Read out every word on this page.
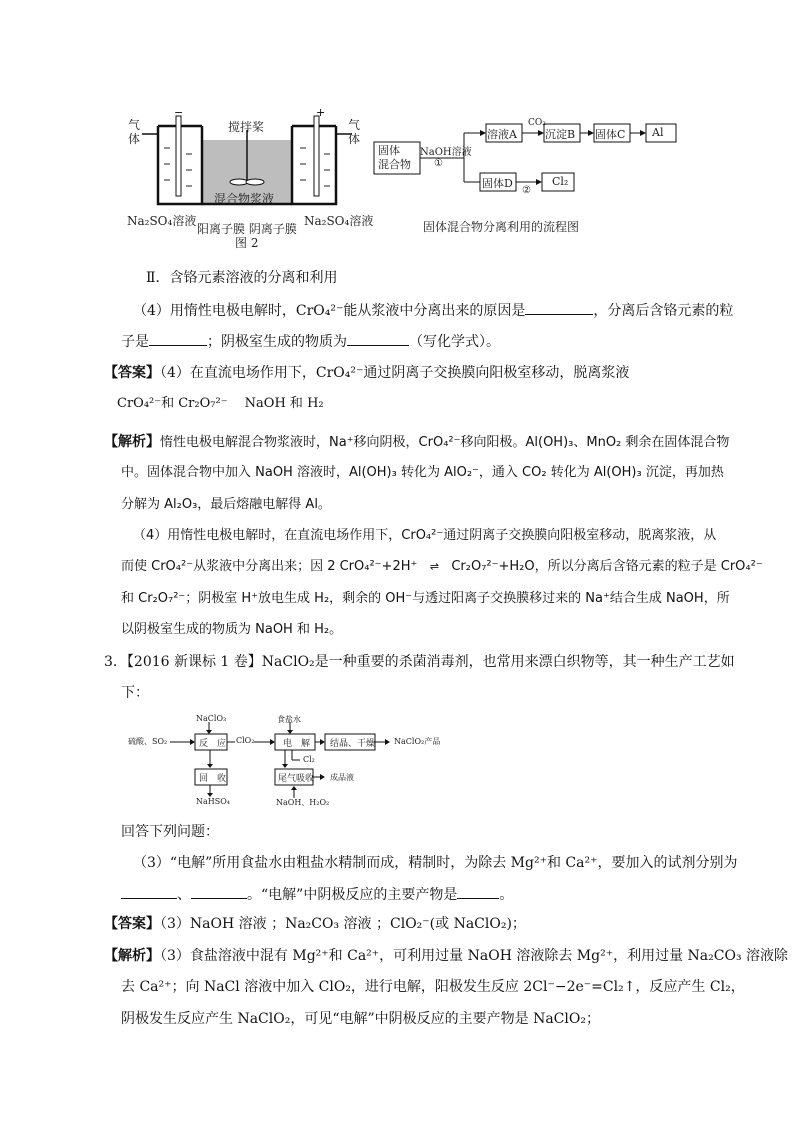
−	+
气
体
气
体
搅拌桨
混合物浆液
Na₂SO₄溶液	Na₂SO₄溶液
阳离子膜 阴离子膜
图 2
固体
混合物
NaOH溶液
①
溶液A
CO₂
沉淀B 固体C Al
固体D
②
Cl₂
固体混合物分离利用的流程图
Ⅱ．含铬元素溶液的分离和利用
（4）用惰性电极电解时，CrO₄²⁻能从浆液中分离出来的原因是	，分离后含铬元素的粒
子是	；阴极室生成的物质为	（写化学式）。
【答案】（4）在直流电场作用下，CrO₄²⁻通过阴离子交换膜向阳极室移动，脱离浆液
CrO₄²⁻和 Cr₂O₇²⁻　 NaOH 和 H₂
【解析】惰性电极电解混合物浆液时，Na⁺移向阴极，CrO₄²⁻移向阳极。Al(OH)₃、MnO₂ 剩余在固体混合物
中。固体混合物中加入 NaOH 溶液时，Al(OH)₃ 转化为 AlO₂⁻，通入 CO₂ 转化为 Al(OH)₃ 沉淀，再加热
分解为 Al₂O₃，最后熔融电解得 Al。
（4）用惰性电极电解时，在直流电场作用下，CrO₄²⁻通过阴离子交换膜向阳极室移动，脱离浆液，从
而使 CrO₄²⁻从浆液中分离出来；因 2 CrO₄²⁻+2H⁺ ⇌ Cr₂O₇²⁻+H₂O，所以分离后含铬元素的粒子是 CrO₄²⁻
和 Cr₂O₇²⁻；阴极室 H⁺放电生成 H₂，剩余的 OH⁻与透过阳离子交换膜移过来的 Na⁺结合生成 NaOH，所
以阴极室生成的物质为 NaOH 和 H₂。
3．【2016 新课标 1 卷】NaClO₂是一种重要的杀菌消毒剂，也常用来漂白织物等，其一种生产工艺如
下：
NaClO₃
硫酸、SO₂	反　应 ClO₂
食盐水
电　解
Cl₂
结晶、干燥 NaClO₂产品
回　收
NaHSO₄
尾气吸收 成品液
NaOH、H₂O₂
回答下列问题：
（3）“电解”所用食盐水由粗盐水精制而成，精制时，为除去 Mg²⁺和 Ca²⁺，要加入的试剂分别为
、	。“电解”中阴极反应的主要产物是	。
【答案】（3）NaOH 溶液 ；Na₂CO₃ 溶液 ；ClO₂⁻(或 NaClO₂)；
【解析】（3）食盐溶液中混有 Mg²⁺和 Ca²⁺，可利用过量 NaOH 溶液除去 Mg²⁺，利用过量 Na₂CO₃ 溶液除
去 Ca²⁺；向 NaCl 溶液中加入 ClO₂，进行电解，阳极发生反应 2Cl⁻−2e⁻=Cl₂↑，反应产生 Cl₂，
阴极发生反应产生 NaClO₂，可见“电解”中阴极反应的主要产物是 NaClO₂；
